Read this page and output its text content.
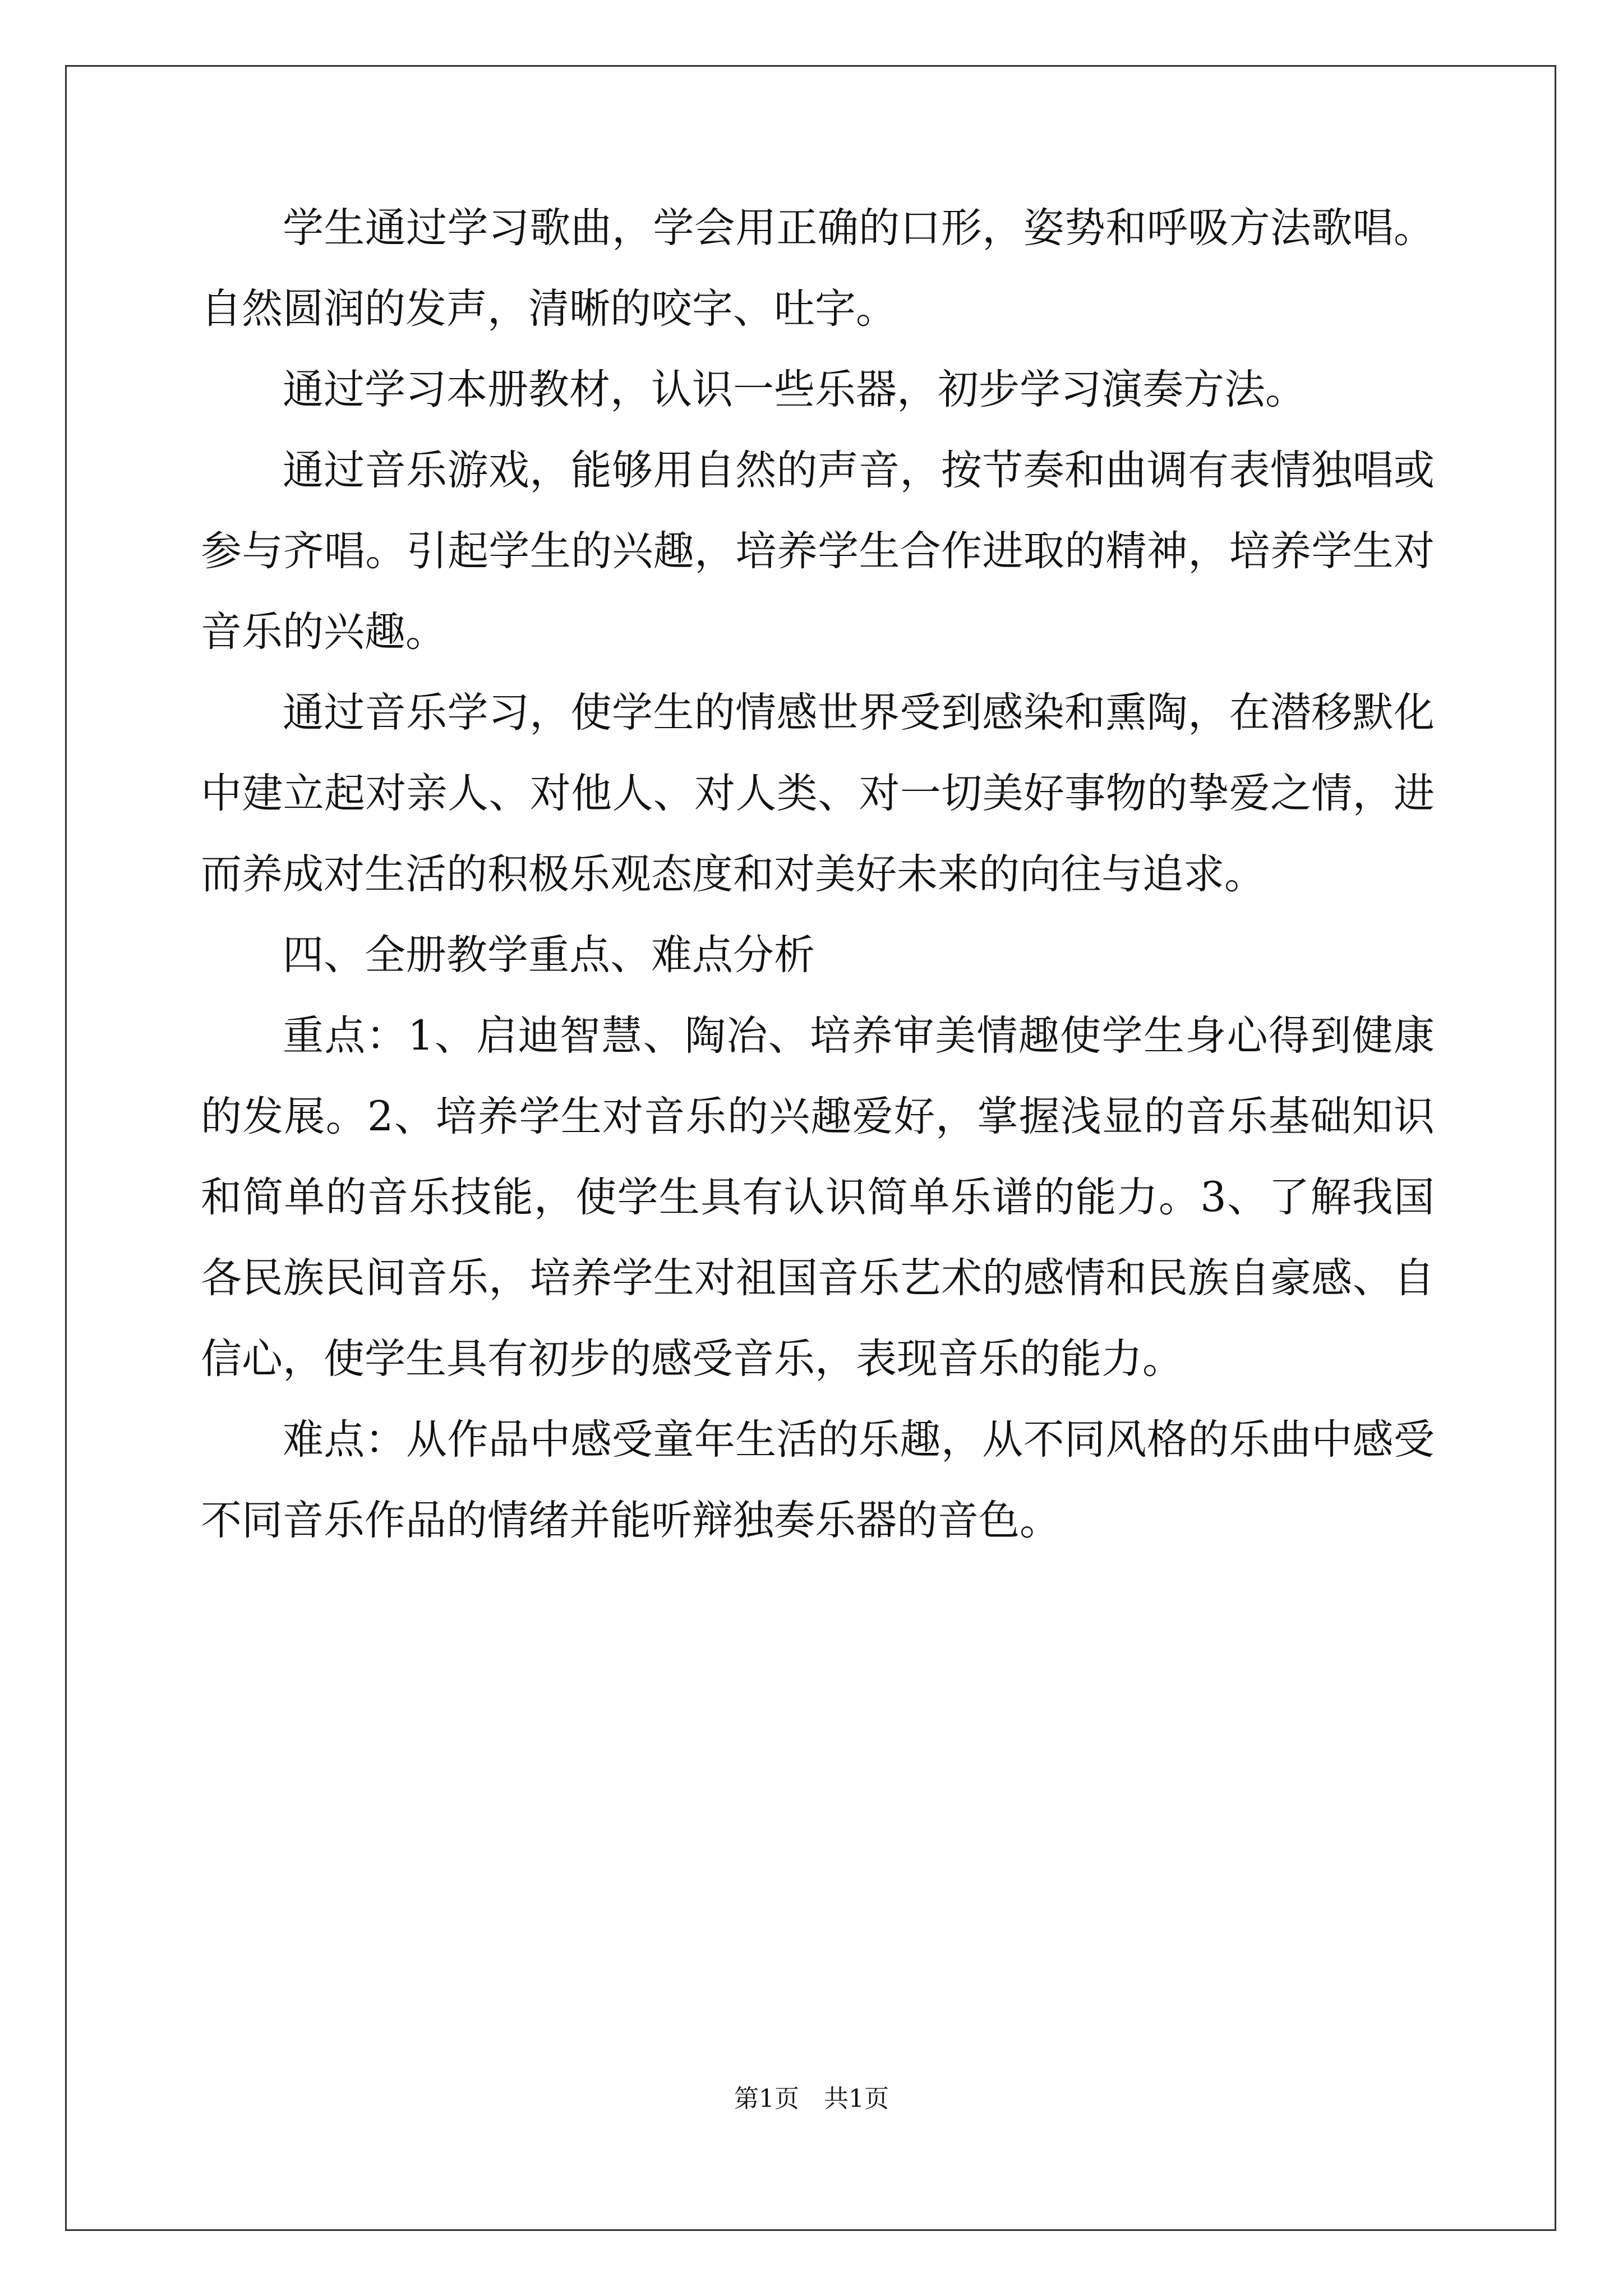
学生通过学习歌曲，学会用正确的口形，姿势和呼吸方法歌唱。自然圆润的发声，清晰的咬字、吐字。

通过学习本册教材，认识一些乐器，初步学习演奏方法。

通过音乐游戏，能够用自然的声音，按节奏和曲调有表情独唱或参与齐唱。引起学生的兴趣，培养学生合作进取的精神，培养学生对音乐的兴趣。

通过音乐学习，使学生的情感世界受到感染和熏陶，在潜移默化中建立起对亲人、对他人、对人类、对一切美好事物的挚爱之情，进而养成对生活的积极乐观态度和对美好未来的向往与追求。

四、全册教学重点、难点分析

重点：1、启迪智慧、陶冶、培养审美情趣使学生身心得到健康的发展。2、培养学生对音乐的兴趣爱好，掌握浅显的音乐基础知识和简单的音乐技能，使学生具有认识简单乐谱的能力。3、了解我国各民族民间音乐，培养学生对祖国音乐艺术的感情和民族自豪感、自信心，使学生具有初步的感受音乐，表现音乐的能力。

难点：从作品中感受童年生活的乐趣，从不同风格的乐曲中感受不同音乐作品的情绪并能听辩独奏乐器的音色。

第1页　共1页
